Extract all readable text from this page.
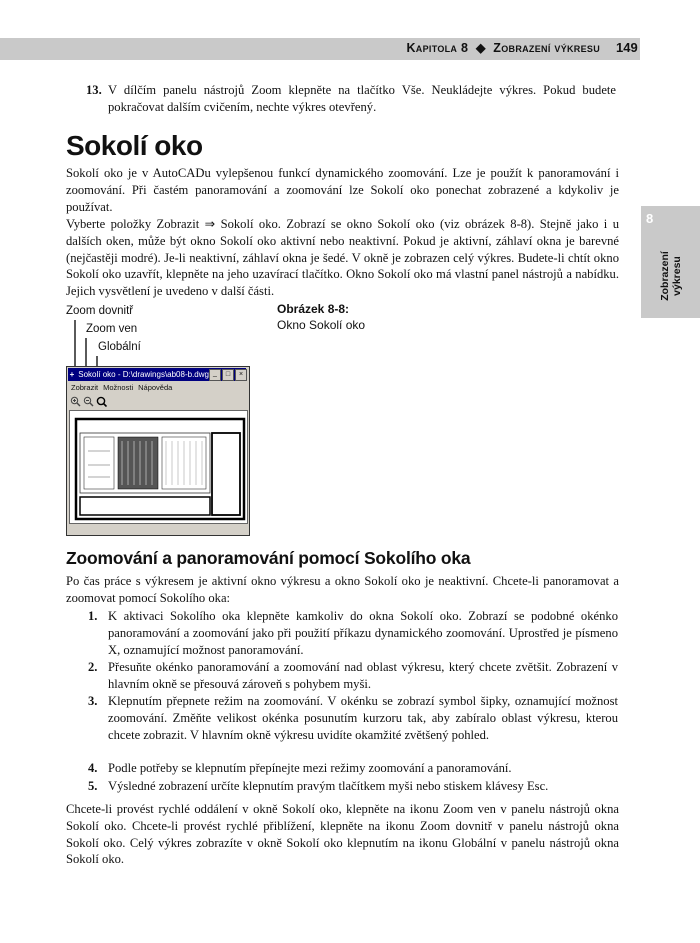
Kapitola 8 ◆ Zobrazení výkresu 149
8
Zobrazení
výkresu
13. V dílčím panelu nástrojů Zoom klepněte na tlačítko Vše. Neukládejte výkres. Pokud budete pokračovat dalším cvičením, nechte výkres otevřený.
Sokolí oko
Sokolí oko je v AutoCADu vylepšenou funkcí dynamického zoomování. Lze je použít k panoramování i zoomování. Při častém panoramování a zoomování lze Sokolí oko ponechat zobrazené a kdykoliv je používat.
Vyberte položky Zobrazit ⇒ Sokolí oko. Zobrazí se okno Sokolí oko (viz obrázek 8-8). Stejně jako i u dalších oken, může být okno Sokolí oko aktivní nebo neaktivní. Pokud je aktivní, záhlaví okna je barevné (nejčastěji modré). Je-li neaktivní, záhlaví okna je šedé. V okně je zobrazen celý výkres. Budete-li chtít okno Sokolí oko uzavřít, klepněte na jeho uzavírací tlačítko. Okno Sokolí oko má vlastní panel nástrojů a nabídku. Jejich vysvětlení je uvedeno v další části.
Zoom dovnitř
Zoom ven
Globální
+ Sokolí oko - D:\drawings\ab08-b.dwg _	□	×
Zobrazit Možnosti Nápověda
Obrázek 8-8:
Okno Sokolí oko
Zoomování a panoramování pomocí Sokolího oka
Po čas práce s výkresem je aktivní okno výkresu a okno Sokolí oko je neaktivní. Chcete-li panoramovat a zoomovat pomocí Sokolího oka:
1. K aktivaci Sokolího oka klepněte kamkoliv do okna Sokolí oko. Zobrazí se podobné okénko panoramování a zoomování jako při použití příkazu dynamického zoomování. Uprostřed je písmeno X, oznamující možnost panoramování.
2. Přesuňte okénko panoramování a zoomování nad oblast výkresu, který chcete zvětšit. Zobrazení v hlavním okně se přesouvá zároveň s pohybem myši.
3. Klepnutím přepnete režim na zoomování. V okénku se zobrazí symbol šipky, oznamující možnost zoomování. Změňte velikost okénka posunutím kurzoru tak, aby zabíralo oblast výkresu, kterou chcete zobrazit. V hlavním okně výkresu uvidíte okamžité zvětšený pohled.
4. Podle potřeby se klepnutím přepínejte mezi režimy zoomování a panoramování.
5. Výsledné zobrazení určíte klepnutím pravým tlačítkem myši nebo stiskem klávesy Esc.
Chcete-li provést rychlé oddálení v okně Sokolí oko, klepněte na ikonu Zoom ven v panelu nástrojů okna Sokolí oko. Chcete-li provést rychlé přiblížení, klepněte na ikonu Zoom dovnitř v panelu nástrojů okna Sokolí oko. Celý výkres zobrazíte v okně Sokolí oko klepnutím na ikonu Globální v panelu nástrojů okna Sokolí oko.
